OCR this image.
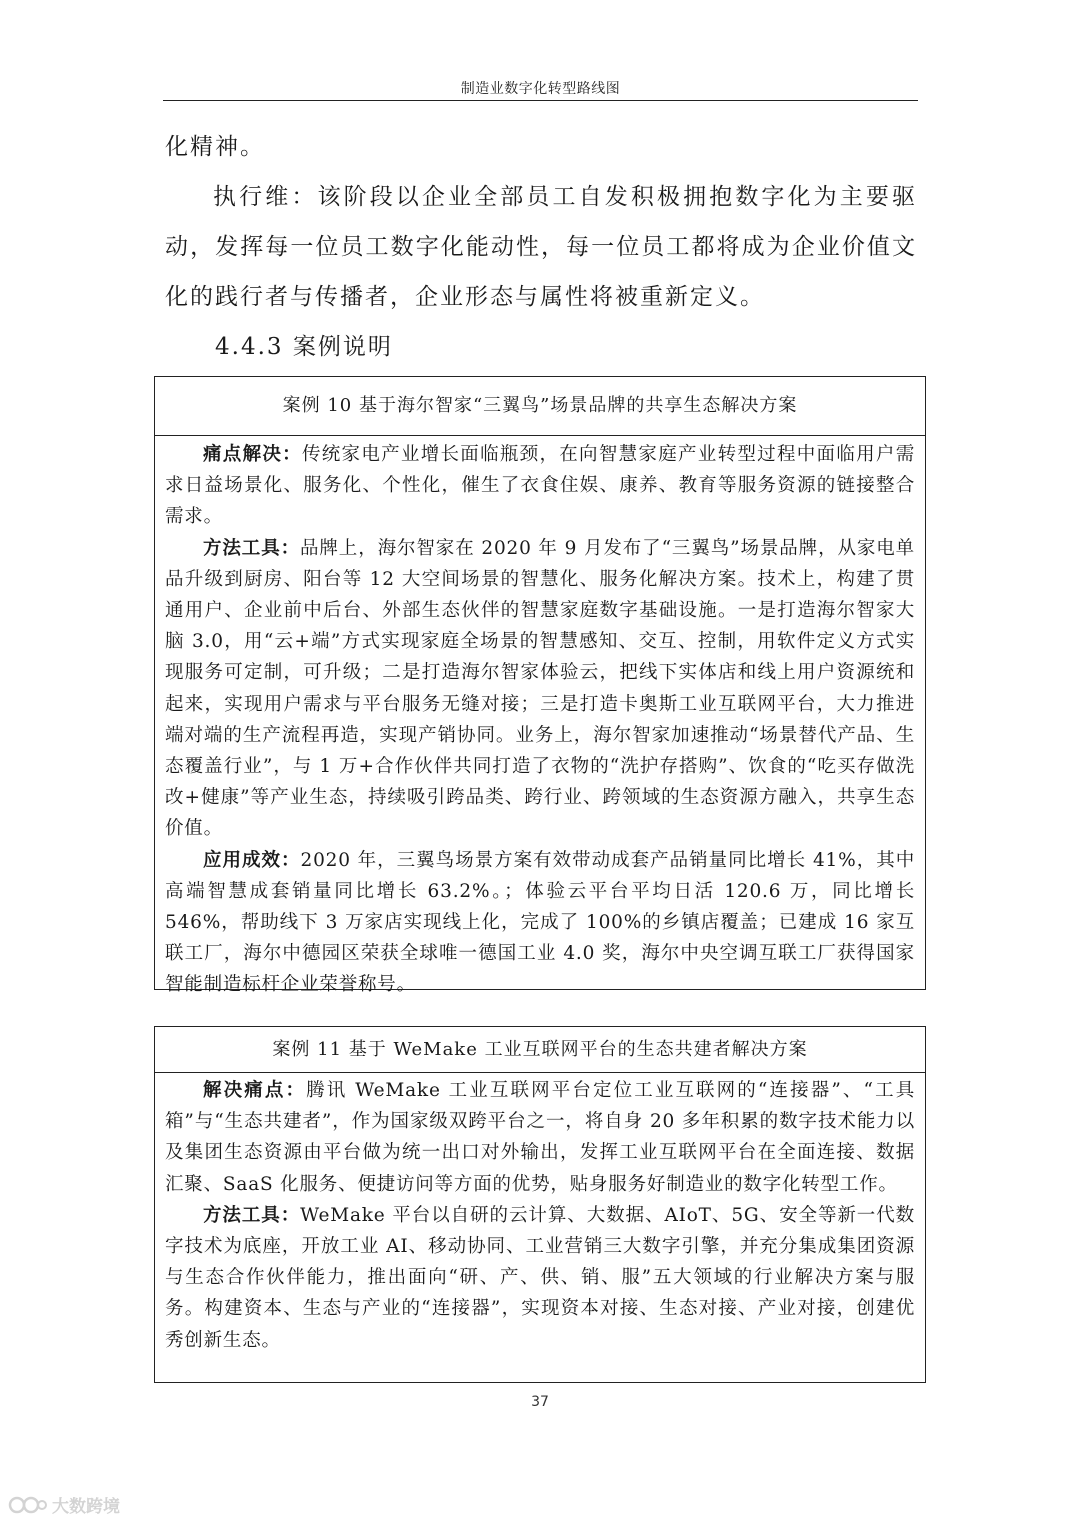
制造业数字化转型路线图
化精神。
执行维：该阶段以企业全部员工自发积极拥抱数字化为主要驱动，发挥每一位员工数字化能动性，每一位员工都将成为企业价值文化的践行者与传播者，企业形态与属性将被重新定义。
4.4.3 案例说明
案例 10 基于海尔智家“三翼鸟”场景品牌的共享生态解决方案

痛点解决：传统家电产业增长面临瓶颈，在向智慧家庭产业转型过程中面临用户需求日益场景化、服务化、个性化，催生了衣食住娱、康养、教育等服务资源的链接整合需求。

方法工具：品牌上，海尔智家在 2020 年 9 月发布了“三翼鸟”场景品牌，从家电单品升级到厨房、阳台等 12 大空间场景的智慧化、服务化解决方案。技术上，构建了贯通用户、企业前中后台、外部生态伙伴的智慧家庭数字基础设施。一是打造海尔智家大脑 3.0，用“云+端”方式实现家庭全场景的智慧感知、交互、控制，用软件定义方式实现服务可定制，可升级；二是打造海尔智家体验云，把线下实体店和线上用户资源统和起来，实现用户需求与平台服务无缝对接；三是打造卡奥斯工业互联网平台，大力推进端对端的生产流程再造，实现产销协同。业务上，海尔智家加速推动“场景替代产品、生态覆盖行业”，与 1 万+合作伙伴共同打造了衣物的“洗护存搭购”、饮食的“吃买存做洗改+健康”等产业生态，持续吸引跨品类、跨行业、跨领域的生态资源方融入，共享生态价值。

应用成效：2020 年，三翼鸟场景方案有效带动成套产品销量同比增长 41%，其中高端智慧成套销量同比增长 63.2%。；体验云平台平均日活 120.6 万，同比增长 546%，帮助线下 3 万家店实现线上化，完成了 100%的乡镇店覆盖；已建成 16 家互联工厂，海尔中德园区荣获全球唯一德国工业 4.0 奖，海尔中央空调互联工厂获得国家智能制造标杆企业荣誉称号。

案例 11 基于 WeMake 工业互联网平台的生态共建者解决方案

解决痛点：腾讯 WeMake 工业互联网平台定位工业互联网的“连接器”、“工具箱”与“生态共建者”，作为国家级双跨平台之一，将自身 20 多年积累的数字技术能力以及集团生态资源由平台做为统一出口对外输出，发挥工业互联网平台在全面连接、数据汇聚、SaaS 化服务、便捷访问等方面的优势，贴身服务好制造业的数字化转型工作。

方法工具：WeMake 平台以自研的云计算、大数据、AIoT、5G、安全等新一代数字技术为底座，开放工业 AI、移动协同、工业营销三大数字引擎，并充分集成集团资源与生态合作伙伴能力，推出面向“研、产、供、销、服”五大领域的行业解决方案与服务。构建资本、生态与产业的“连接器”，实现资本对接、生态对接、产业对接，创建优秀创新生态。

37
大数跨境
